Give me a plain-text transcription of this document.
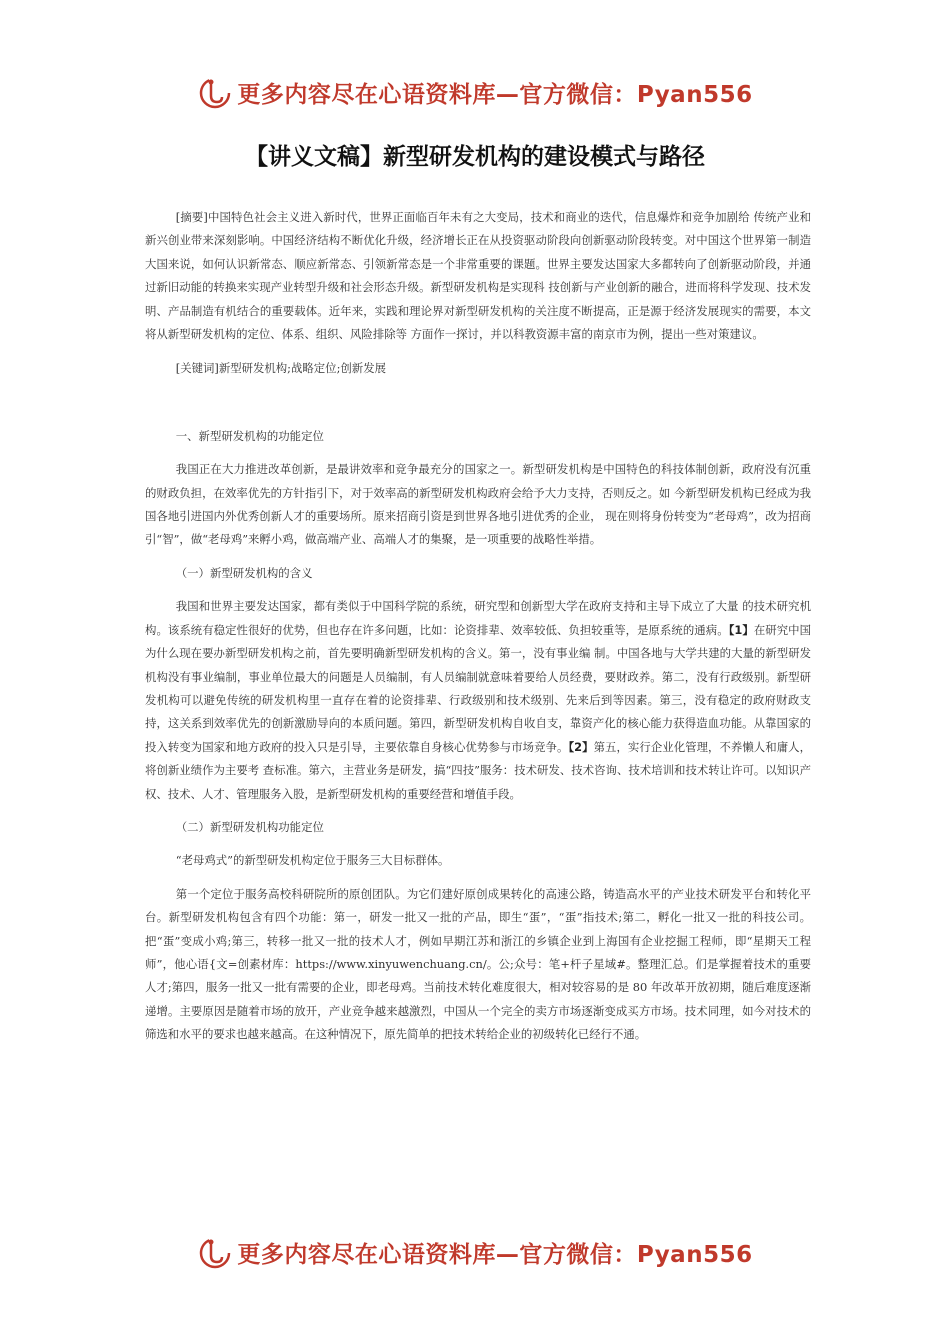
更多内容尽在心语资料库—官方微信：Pyan556
【讲义文稿】新型研发机构的建设模式与路径

[摘要]中国特色社会主义进入新时代，世界正面临百年未有之大变局，技术和商业的迭代，信息爆炸和竞争加剧给 传统产业和新兴创业带来深刻影响。中国经济结构不断优化升级，经济增长正在从投资驱动阶段向创新驱动阶段转变。对中国这个世界第一制造大国来说，如何认识新常态、顺应新常态、引领新常态是一个非常重要的课题。世界主要发达国家大多都转向了创新驱动阶段，并通过新旧动能的转换来实现产业转型升级和社会形态升级。新型研发机构是实现科 技创新与产业创新的融合，进而将科学发现、技术发明、产品制造有机结合的重要载体。近年来，实践和理论界对新型研发机构的关注度不断提高，正是源于经济发展现实的需要，本文将从新型研发机构的定位、体系、组织、风险排除等 方面作一探讨，并以科教资源丰富的南京市为例，提出一些对策建议。

[关键词]新型研发机构;战略定位;创新发展

一、新型研发机构的功能定位

我国正在大力推进改革创新，是最讲效率和竞争最充分的国家之一。新型研发机构是中国特色的科技体制创新，政府没有沉重的财政负担，在效率优先的方针指引下，对于效率高的新型研发机构政府会给予大力支持，否则反之。如 今新型研发机构已经成为我国各地引进国内外优秀创新人才的重要场所。原来招商引资是到世界各地引进优秀的企业， 现在则将身份转变为“老母鸡”，改为招商引“智”，做“老母鸡”来孵小鸡，做高端产业、高端人才的集聚，是一项重要的战略性举措。

（一）新型研发机构的含义

我国和世界主要发达国家，都有类似于中国科学院的系统，研究型和创新型大学在政府支持和主导下成立了大量 的技术研究机构。该系统有稳定性很好的优势，但也存在许多问题，比如：论资排辈、效率较低、负担较重等，是原系统的通病。【1】在研究中国为什么现在要办新型研发机构之前，首先要明确新型研发机构的含义。第一，没有事业编 制。中国各地与大学共建的大量的新型研发机构没有事业编制，事业单位最大的问题是人员编制，有人员编制就意味着要给人员经费，要财政养。第二，没有行政级别。新型研发机构可以避免传统的研发机构里一直存在着的论资排辈、行政级别和技术级别、先来后到等因素。第三，没有稳定的政府财政支持，这关系到效率优先的创新激励导向的本质问题。第四，新型研发机构自收自支，靠资产化的核心能力获得造血功能。从靠国家的投入转变为国家和地方政府的投入只是引导，主要依靠自身核心优势参与市场竞争。【2】第五，实行企业化管理，不养懒人和庸人，将创新业绩作为主要考 查标准。第六，主营业务是研发，搞“四技”服务：技术研发、技术咨询、技术培训和技术转让许可。以知识产权、技术、人才、管理服务入股，是新型研发机构的重要经营和增值手段。

（二）新型研发机构功能定位

“老母鸡式”的新型研发机构定位于服务三大目标群体。

第一个定位于服务高校科研院所的原创团队。为它们建好原创成果转化的高速公路，铸造高水平的产业技术研发平台和转化平台。新型研发机构包含有四个功能：第一，研发一批又一批的产品，即生“蛋”，“蛋”指技术;第二，孵化一批又一批的科技公司。把“蛋”变成小鸡;第三，转移一批又一批的技术人才，例如早期江苏和浙江的乡镇企业到上海国有企业挖掘工程师，即“星期天工程师”，他心语{文=创素材库：https://www.xinyuwenchuang.cn/。公;众号：笔+杆子星域#。整理汇总。们是掌握着技术的重要人才;第四，服务一批又一批有需要的企业，即老母鸡。当前技术转化难度很大，相对较容易的是 80 年改革开放初期，随后难度逐渐递增。主要原因是随着市场的放开，产业竞争越来越激烈，中国从一个完全的卖方市场逐渐变成买方市场。技术同理，如今对技术的筛选和水平的要求也越来越高。在这种情况下，原先简单的把技术转给企业的初级转化已经行不通。

更多内容尽在心语资料库—官方微信：Pyan556
